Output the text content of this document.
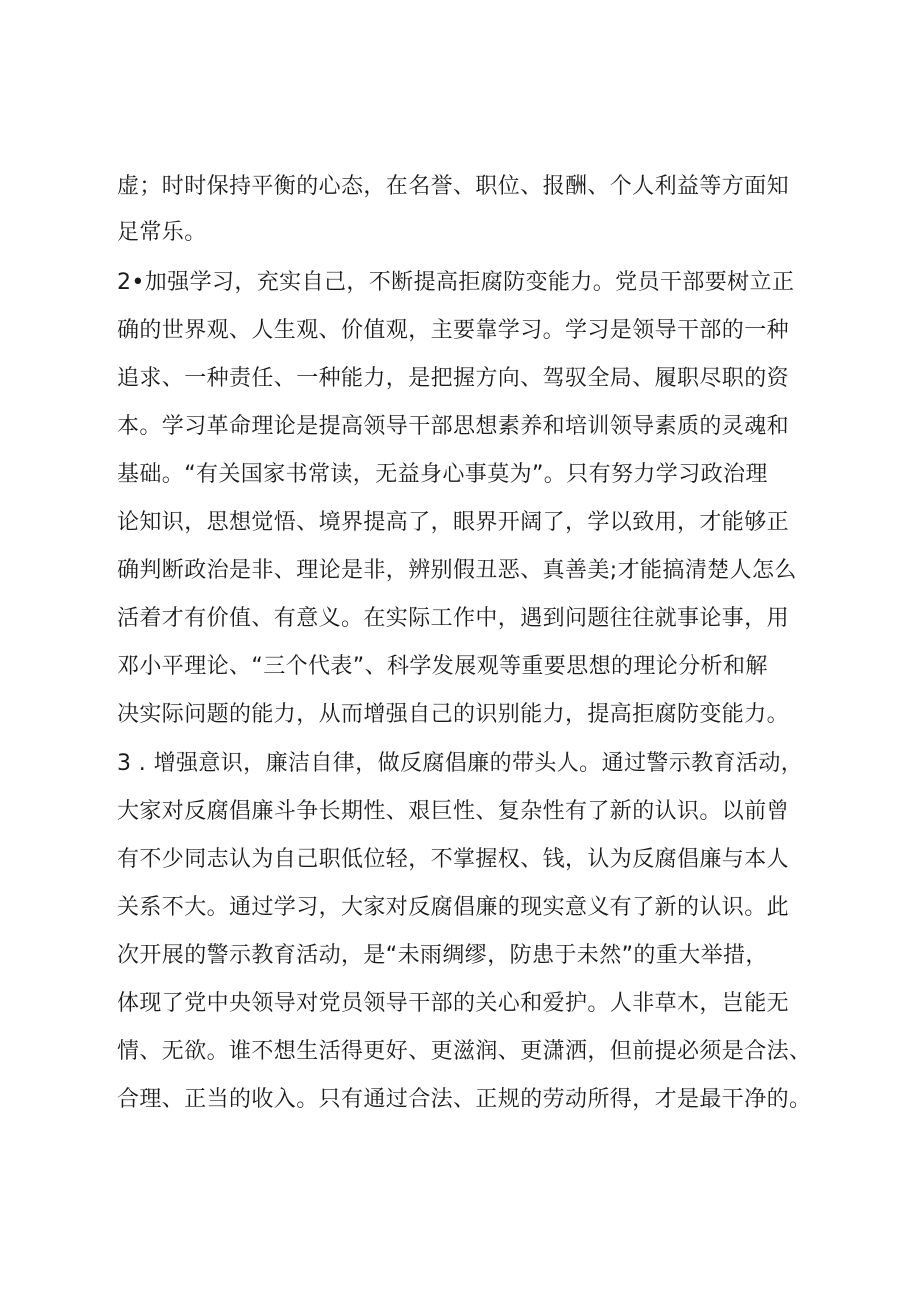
虚；时时保持平衡的心态，在名誉、职位、报酬、个人利益等方面知
足常乐。
2•加强学习，充实自己，不断提高拒腐防变能力。党员干部要树立正
确的世界观、人生观、价值观，主要靠学习。学习是领导干部的一种
追求、一种责任、一种能力，是把握方向、驾驭全局、履职尽职的资
本。学习革命理论是提高领导干部思想素养和培训领导素质的灵魂和
基础。“有关国家书常读，无益身心事莫为”。只有努力学习政治理
论知识，思想觉悟、境界提高了，眼界开阔了，学以致用，才能够正
确判断政治是非、理论是非，辨别假丑恶、真善美;才能搞清楚人怎么
活着才有价值、有意义。在实际工作中，遇到问题往往就事论事，用
邓小平理论、“三个代表”、科学发展观等重要思想的理论分析和解
决实际问题的能力，从而增强自己的识别能力，提高拒腐防变能力。
3 . 增强意识，廉洁自律，做反腐倡廉的带头人。通过警示教育活动，
大家对反腐倡廉斗争长期性、艰巨性、复杂性有了新的认识。以前曾
有不少同志认为自己职低位轻，不掌握权、钱，认为反腐倡廉与本人
关系不大。通过学习，大家对反腐倡廉的现实意义有了新的认识。此
次开展的警示教育活动，是“未雨绸缪，防患于未然”的重大举措，
体现了党中央领导对党员领导干部的关心和爱护。人非草木，岂能无
情、无欲。谁不想生活得更好、更滋润、更潇洒，但前提必须是合法、
合理、正当的收入。只有通过合法、正规的劳动所得，才是最干净的。
